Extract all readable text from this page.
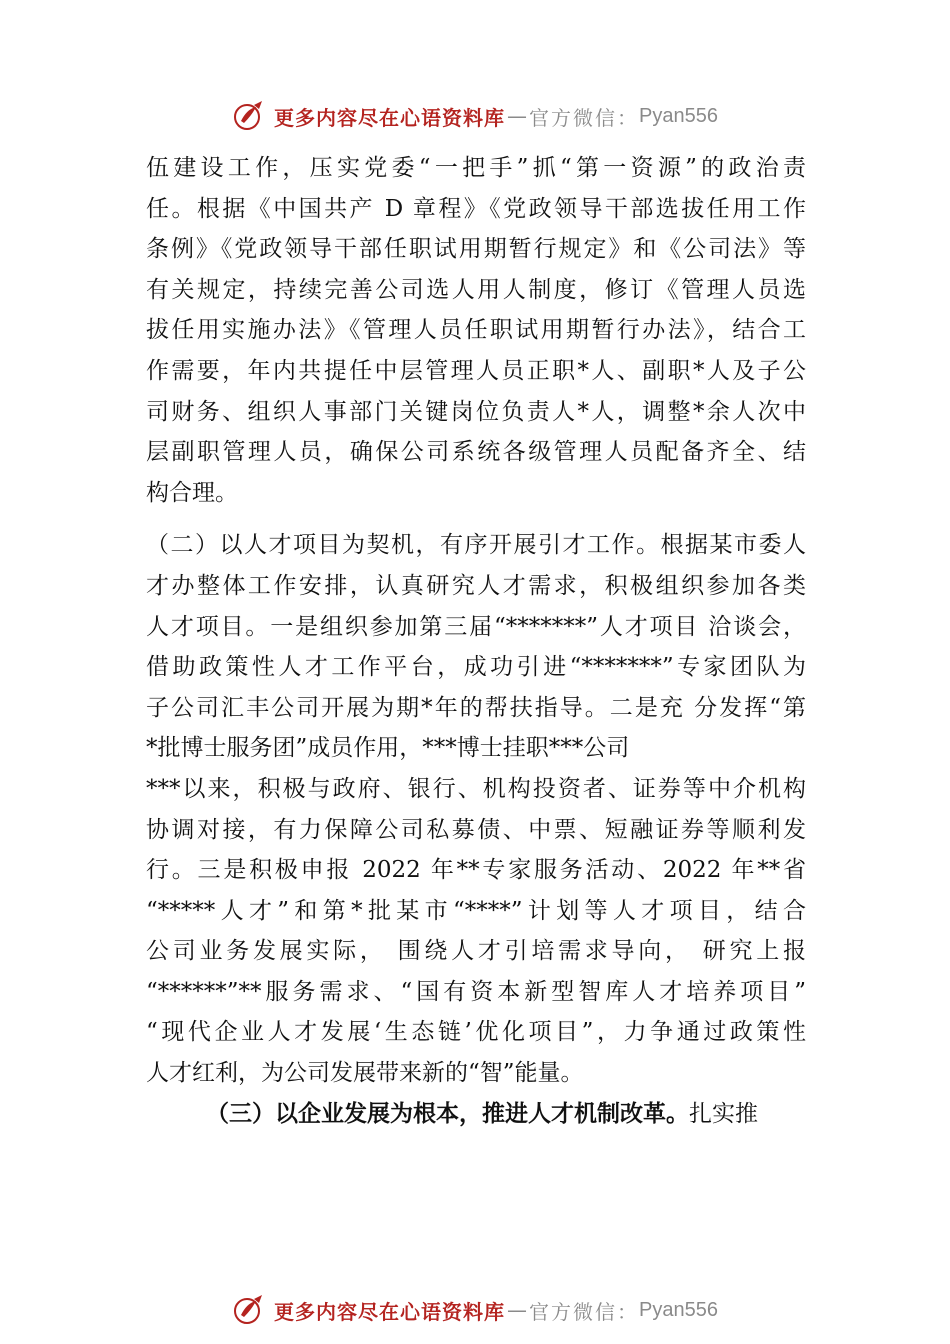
更多内容尽在心语资料库 — 官方微信： Pyan556
伍建设工作，压实党委“一把手”抓“第一资源”的政治责
任。根据《中国共产 D 章程》《党政领导干部选拔任用工作
条例》《党政领导干部任职试用期暂行规定》和《公司法》等
有关规定，持续完善公司选人用人制度，修订《管理人员选
拔任用实施办法》《管理人员任职试用期暂行办法》，结合工
作需要，年内共提任中层管理人员正职*人、副职*人及子公
司财务、组织人事部门关键岗位负责人*人，调整*余人次中
层副职管理人员，确保公司系统各级管理人员配备齐全、结
构合理。
（二）以人才项目为契机，有序开展引才工作。根据某市委人
才办整体工作安排，认真研究人才需求，积极组织参加各类
人才项目。一是组织参加第三届“*******”人才项目 洽谈会，
借助政策性人才工作平台，成功引进“*******”专家团队为
子公司汇丰公司开展为期*年的帮扶指导。二是充 分发挥“第
*批博士服务团”成员作用，***博士挂职***公司
***以来，积极与政府、银行、机构投资者、证券等中介机构
协调对接，有力保障公司私募债、中票、短融证券等顺利发
行。三是积极申报 2022 年**专家服务活动、2022 年**省
“*****人才”和第*批某市“****”计划等人才项目，结合
公司业务发展实际， 围绕人才引培需求导向， 研究上报
“******”**服务需求、“国有资本新型智库人才培养项目”
“现代企业人才发展‘生态链’优化项目”，力争通过政策性
人才红利，为公司发展带来新的“智”能量。
（三）以企业发展为根本，推进人才机制改革。扎实推
更多内容尽在心语资料库 — 官方微信： Pyan556
